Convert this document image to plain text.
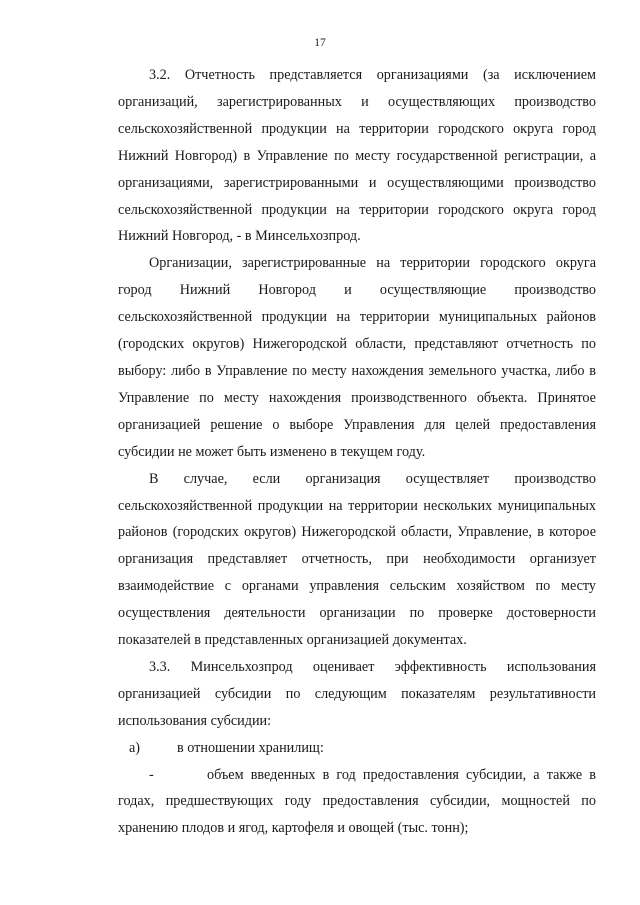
17

3.2. Отчетность представляется организациями (за исключением организаций, зарегистрированных и осуществляющих производство сельскохозяйственной продукции на территории городского округа город Нижний Новгород) в Управление по месту государственной регистрации, а организациями, зарегистрированными и осуществляющими производство сельскохозяйственной продукции на территории городского округа город Нижний Новгород, - в Минсельхозпрод.

Организации, зарегистрированные на территории городского округа город Нижний Новгород и осуществляющие производство сельскохозяйственной продукции на территории муниципальных районов (городских округов) Нижегородской области, представляют отчетность по выбору: либо в Управление по месту нахождения земельного участка, либо в Управление по месту нахождения производственного объекта. Принятое организацией решение о выборе Управления для целей предоставления субсидии не может быть изменено в текущем году.

В случае, если организация осуществляет производство сельскохозяйственной продукции на территории нескольких муниципальных районов (городских округов) Нижегородской области, Управление, в которое организация представляет отчетность, при необходимости организует взаимодействие с органами управления сельским хозяйством по месту осуществления деятельности организации по проверке достоверности показателей в представленных организацией документах.

3.3. Минсельхозпрод оценивает эффективность использования организацией субсидии по следующим показателям результативности использования субсидии:

а)	в отношении хранилищ:

-	объем введенных в год предоставления субсидии, а также в годах, предшествующих году предоставления субсидии, мощностей по хранению плодов и ягод, картофеля и овощей (тыс. тонн);
